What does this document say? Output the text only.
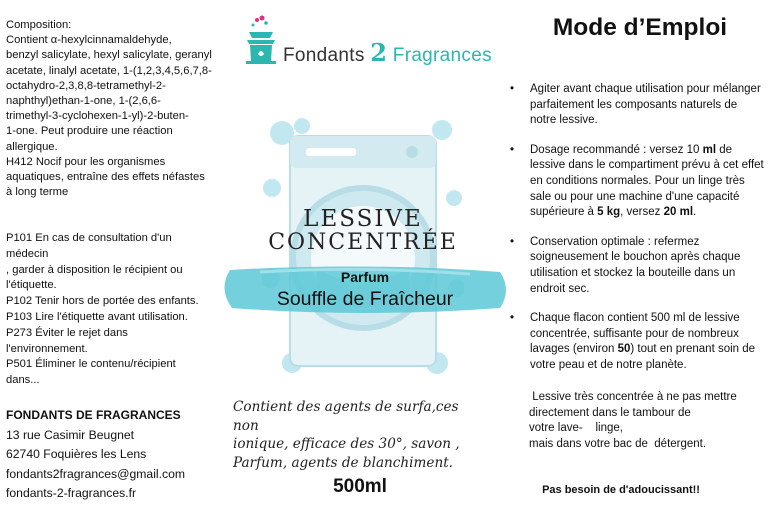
Composition:

Contient α-hexylcinnamaldehyde,

benzyl salicylate, hexyl salicylate, geranyl

acetate, linalyl acetate, 1-(1,2,3,4,5,6,7,8-

octahydro-2,3,8,8-tetramethyl-2-

naphthyl)ethan-1-one, 1-(2,6,6-

trimethyl-3-cyclohexen-1-yl)-2-buten-

1-one. Peut produire une réaction

allergique.

H412 Nocif pour les organismes

aquatiques, entraîne des effets néfastes

à long terme

P101 En cas de consultation d'un

médecin

, garder à disposition le récipient ou

l'étiquette.

P102 Tenir hors de portée des enfants.

P103 Lire l'étiquette avant utilisation.

P273 Éviter le rejet dans

l'environnement.

P501 Éliminer le contenu/récipient

dans...

FONDANTS DE FRAGRANCES
13 rue Casimir Beugnet
62740 Foquières les Lens
fondants2fragrances@gmail.com
fondants-2-fragrances.fr
Fondants 2 Fragrances
LESSIVE
CONCENTRÉE
Parfum
Souffle de Fraîcheur
Contient des agents de surfa,ces non
ionique, efficace des 30°, savon ,
Parfum, agents de blanchiment.
500ml
Mode d’Emploi
• Agiter avant chaque utilisation pour mélanger parfaitement les composants naturels de notre lessive.
• Dosage recommandé : versez 10 ml de lessive dans le compartiment prévu à cet effet en conditions normales. Pour un linge très sale ou pour une machine d'une capacité supérieure à 5 kg, versez 20 ml.
• Conservation optimale : refermez soigneusement le bouchon après chaque utilisation et stockez la bouteille dans un endroit sec.
• Chaque flacon contient 500 ml de lessive concentrée, suffisante pour de nombreux lavages (environ 50) tout en prenant soin de votre peau et de notre planète.

Lessive très concentrée à ne pas mettre

directement dans le tambour de

votre lave-    linge,

mais dans votre bac de  détergent.

Pas besoin de d'adoucissant!!
